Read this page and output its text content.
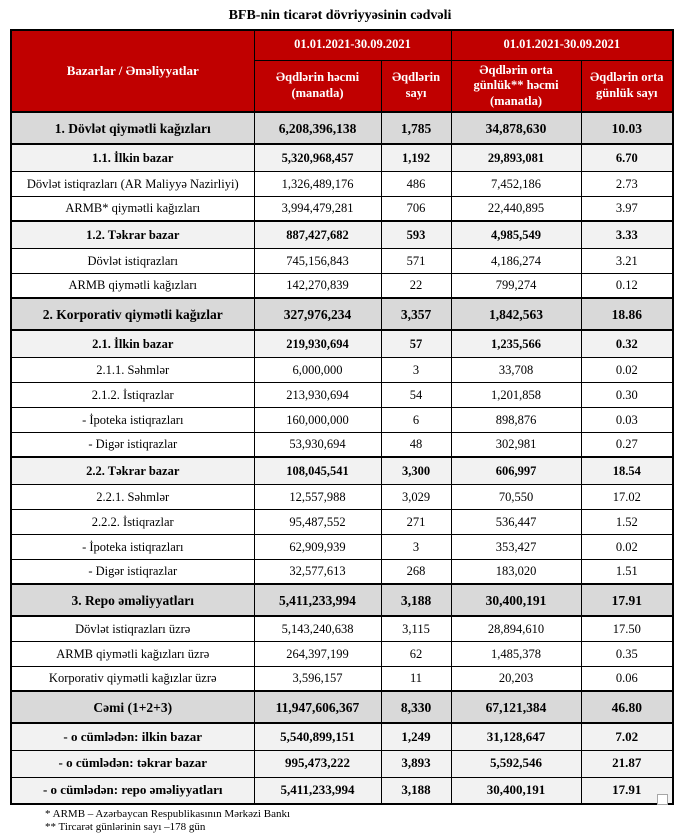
BFB-nin ticarət dövriyyəsinin cədvəli
Bazarlar / Əməliyyatlar	01.01.2021-30.09.2021		01.01.2021-30.09.2021	
	Əqdlərin həcmi (manatla)	Əqdlərin sayı	Əqdlərin orta günlük** həcmi (manatla)	Əqdlərin orta günlük sayı
1. Dövlət qiymətli kağızları	6,208,396,138	1,785	34,878,630	10.03
1.1. İlkin bazar	5,320,968,457	1,192	29,893,081	6.70
Dövlət istiqrazları (AR Maliyyə Nazirliyi)	1,326,489,176	486	7,452,186	2.73
ARMB* qiymətli kağızları	3,994,479,281	706	22,440,895	3.97
1.2. Təkrar bazar	887,427,682	593	4,985,549	3.33
Dövlət istiqrazları	745,156,843	571	4,186,274	3.21
ARMB qiymətli kağızları	142,270,839	22	799,274	0.12
2. Korporativ qiymətli kağızlar	327,976,234	3,357	1,842,563	18.86
2.1. İlkin bazar	219,930,694	57	1,235,566	0.32
2.1.1. Səhmlər	6,000,000	3	33,708	0.02
2.1.2. İstiqrazlar	213,930,694	54	1,201,858	0.30
- İpoteka istiqrazları	160,000,000	6	898,876	0.03
- Digər istiqrazlar	53,930,694	48	302,981	0.27
2.2. Təkrar bazar	108,045,541	3,300	606,997	18.54
2.2.1. Səhmlər	12,557,988	3,029	70,550	17.02
2.2.2. İstiqrazlar	95,487,552	271	536,447	1.52
- İpoteka istiqrazları	62,909,939	3	353,427	0.02
- Digər istiqrazlar	32,577,613	268	183,020	1.51
3. Repo əməliyyatları	5,411,233,994	3,188	30,400,191	17.91
Dövlət istiqrazları üzrə	5,143,240,638	3,115	28,894,610	17.50
ARMB qiymətli kağızları üzrə	264,397,199	62	1,485,378	0.35
Korporativ qiymətli kağızlar üzrə	3,596,157	11	20,203	0.06
Cəmi (1+2+3)	11,947,606,367	8,330	67,121,384	46.80
- o cümlədən: ilkin bazar	5,540,899,151	1,249	31,128,647	7.02
- o cümlədən: təkrar bazar	995,473,222	3,893	5,592,546	21.87
- o cümlədən: repo əməliyyatları	5,411,233,994	3,188	30,400,191	17.91
* ARMB – Azərbaycan Respublikasının Mərkəzi Bankı
** Tircarət günlərinin sayı –178 gün
